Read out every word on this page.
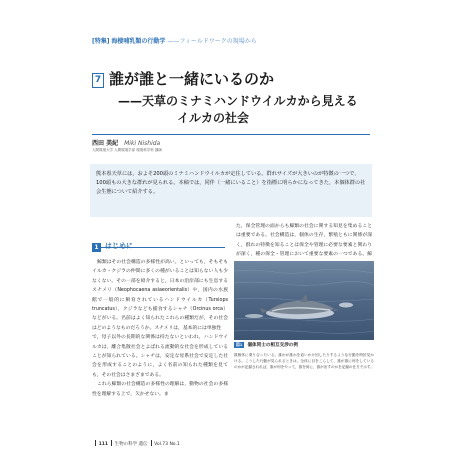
[特集] 海棲哺乳類の行動学 ——フィールドワークの現場から
7 誰が誰と一緒にいるのか
——天草のミナミハンドウイルカから見える
イルカの社会
西田 美紀 Miki Nishida
人間環境大学 人間環境学部 環境科学科 講師

熊本県天草には，およそ200頭のミナミハンドウイルカが定住している。群れサイズが大きいのが特徴の一つで，100頭もの大きな群れが見られる。本稿では，同伴（一緒にいること）を指標に明らかになってきた，本個体群の社会生態について紹介する。

1 はじめに

鯨類はその社会構造の多様性が高い。といっても，そもそもイルカ・クジラの仲間に多くの種がいることは知らない人も少なくない。その一部を紹介すると，日本の沿岸部にも生息するスナメリ（Neophocaena asiaeorientalis）や，国内の水族館で一般的に飼育されているハンドウイルカ（Tursiops truncatus），クジラなども捕食するシャチ（Orcinus orca）などがいる。名前はよく知られたこれらの種類だが，その社会はどのようなものだろうか。スナメリは，基本的には単独性

で，母子以外の長期的な関係は持たないといわれ，ハンドウイルカは，離合集散社会とよばれる流動的な社会を形成していることが知られている。シャチは，安定な母系社会で安定した社会を形成することのように，よく名前の知られた種類を見ても，その社会はさまざまである。

これら鯨類の社会構造の多様性の理解は，動物の社会の多様性を理解する上で，欠かせない。ま

た，保全管理の面からも鯨類の社会に関する知見を集めることは重要である。社会構造は，個体の生存，繁殖ともに関係が深く，群れの特徴を知ることは保全や管理に必要な要素と関わりが深く，種の保全・管理において重要な要素の一つである。鯨

図1 個体同士の相互交渉の例
数個体に乗り合ったいる。誰かが誰かを追いかけ回したりするような行動を時折見かける。こうした行動が見られるときは，全体に目をこらして，誰が誰に何をしているのかが記録されれば，誰が何をやって，誰を何に，誰が出すのかを記録の仕方で示す。
111 生物の科学 遺伝 Vol.73 No.1
